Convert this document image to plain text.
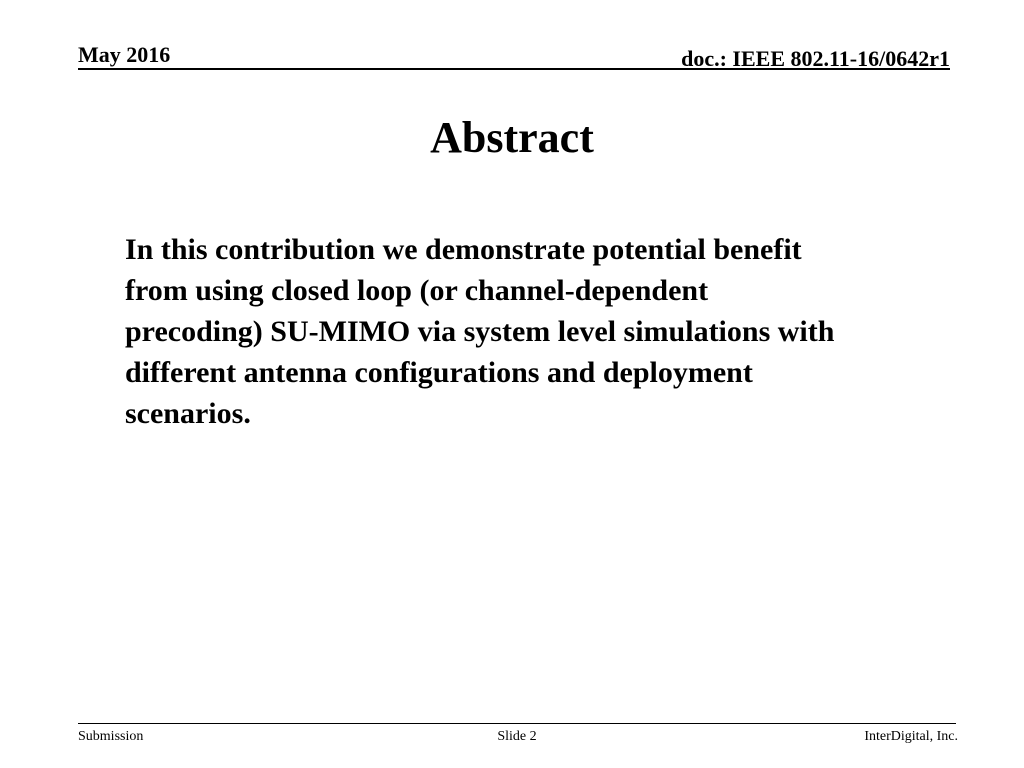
May 2016	doc.: IEEE 802.11-16/0642r1
Abstract
In this contribution we demonstrate potential benefit
from using closed loop (or channel-dependent
precoding) SU-MIMO via system level simulations with
different antenna configurations and deployment
scenarios.
Submission	Slide 2	InterDigital, Inc.
